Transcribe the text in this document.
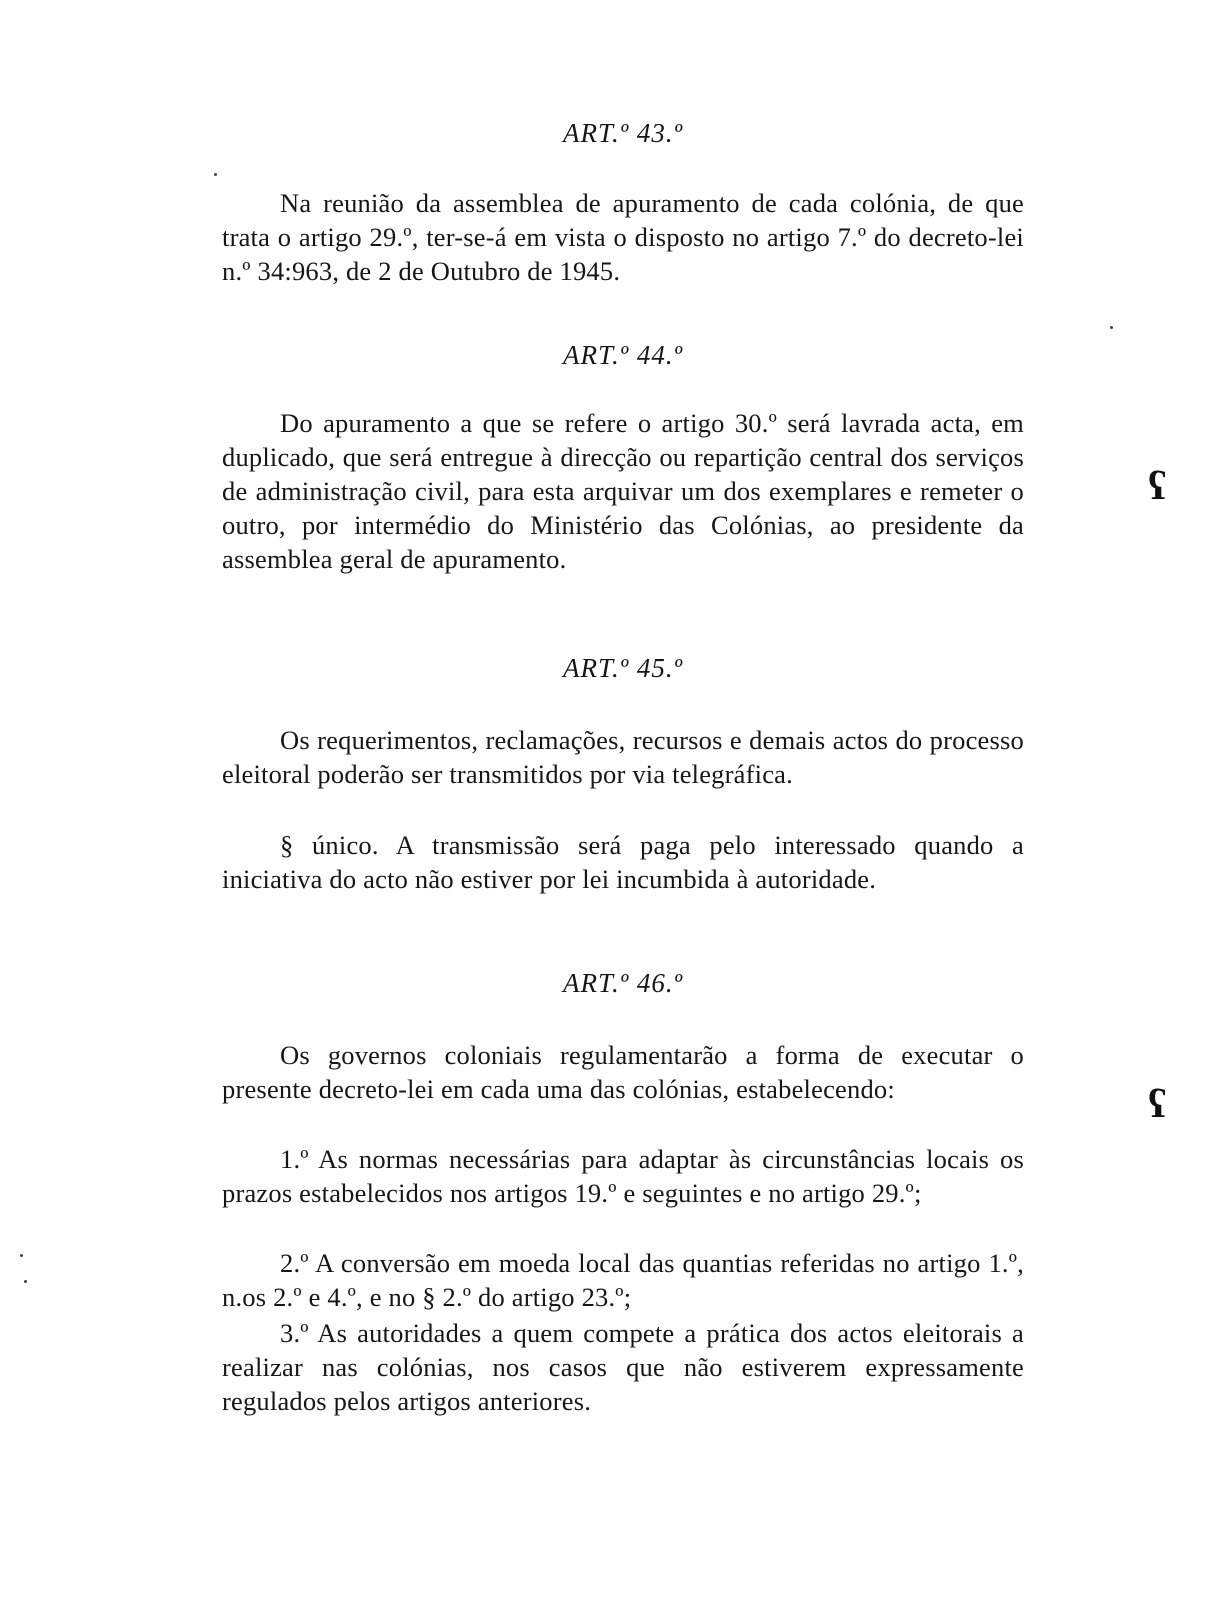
ART.º 43.º

Na reunião da assemblea de apuramento de cada colónia, de que trata o artigo 29.º, ter-se-á em vista o disposto no artigo 7.º do decreto-lei n.º 34:963, de 2 de Outubro de 1945.

ART.º 44.º

Do apuramento a que se refere o artigo 30.º será lavrada acta, em duplicado, que será entregue à direcção ou repartição central dos serviços de administração civil, para esta arquivar um dos exemplares e remeter o outro, por intermédio do Ministério das Colónias, ao presidente da assemblea geral de apuramento.

ART.º 45.º

Os requerimentos, reclamações, recursos e demais actos do processo eleitoral poderão ser transmitidos por via telegráfica.

§ único. A transmissão será paga pelo interessado quando a iniciativa do acto não estiver por lei incumbida à autoridade.

ART.º 46.º

Os governos coloniais regulamentarão a forma de executar o presente decreto-lei em cada uma das colónias, estabelecendo:

1.º As normas necessárias para adaptar às circunstâncias locais os prazos estabelecidos nos artigos 19.º e seguintes e no artigo 29.º;

2.º A conversão em moeda local das quantias referidas no artigo 1.º, n.os 2.º e 4.º, e no § 2.º do artigo 23.º;

3.º As autoridades a quem compete a prática dos actos eleitorais a realizar nas colónias, nos casos que não estiverem expressamente regulados pelos artigos anteriores.

ʕ
ʕ
